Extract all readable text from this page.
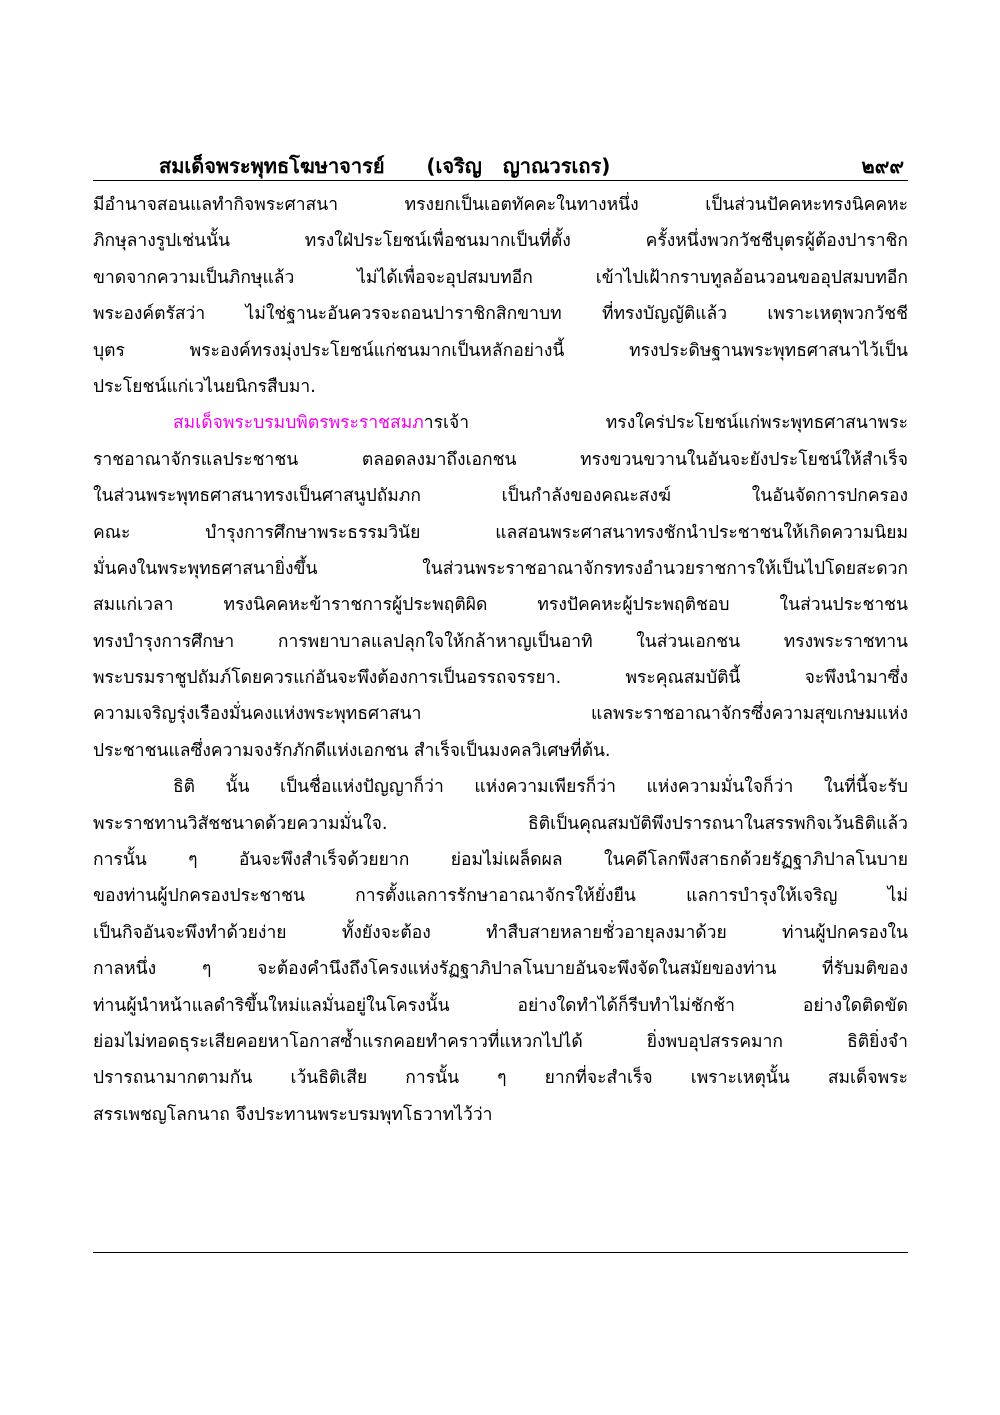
สมเด็จพระพุทธโฆษาจารย์      (เจริญ   ญาณวรเถร)	๒๙๙
มีอำนาจสอนแลทำกิจพระศาสนา ทรงยกเป็นเอตทัคคะในทางหนึ่ง เป็นส่วนปัคคหะทรงนิคคหะ
ภิกษุลางรูปเช่นนั้น ทรงใฝ่ประโยชน์เพื่อชนมากเป็นที่ตั้ง ครั้งหนึ่งพวกวัชชีบุตรผู้ต้องปาราชิก
ขาดจากความเป็นภิกษุแล้ว ไม่ได้เพื่อจะอุปสมบทอีก เข้าไปเฝ้ากราบทูลอ้อนวอนขออุปสมบทอีก
พระองค์ตรัสว่า ไม่ใช่ฐานะอันควรจะถอนปาราชิกสิกขาบท ที่ทรงบัญญัติแล้ว เพราะเหตุพวกวัชชี
บุตร พระองค์ทรงมุ่งประโยชน์แก่ชนมากเป็นหลักอย่างนี้ ทรงประดิษฐานพระพุทธศาสนาไว้เป็น
ประโยชน์แก่เวไนยนิกรสืบมา.
สมเด็จพระบรมบพิตรพระราชสมภารเจ้า ทรงใคร่ประโยชน์แก่พระพุทธศาสนาพระ
ราชอาณาจักรแลประชาชน ตลอดลงมาถึงเอกชน ทรงขวนขวานในอันจะยังประโยชน์ให้สำเร็จ
ในส่วนพระพุทธศาสนาทรงเป็นศาสนูปถัมภก เป็นกำลังของคณะสงฆ์ ในอันจัดการปกครอง
คณะ บำรุงการศึกษาพระธรรมวินัย แลสอนพระศาสนาทรงชักนำประชาชนให้เกิดความนิยม
มั่นคงในพระพุทธศาสนายิ่งขึ้น ในส่วนพระราชอาณาจักรทรงอำนวยราชการให้เป็นไปโดยสะดวก
สมแก่เวลา ทรงนิคคหะข้าราชการผู้ประพฤติผิด ทรงปัคคหะผู้ประพฤติชอบ ในส่วนประชาชน
ทรงบำรุงการศึกษา การพยาบาลแลปลุกใจให้กล้าหาญเป็นอาทิ ในส่วนเอกชน ทรงพระราชทาน
พระบรมราชูปถัมภ์โดยควรแก่อันจะพึงต้องการเป็นอรรถจรรยา. พระคุณสมบัตินี้ จะพึงนำมาซึ่ง
ความเจริญรุ่งเรืองมั่นคงแห่งพระพุทธศาสนา แลพระราชอาณาจักรซึ่งความสุขเกษมแห่ง
ประชาชนแลซึ่งความจงรักภักดีแห่งเอกชน สำเร็จเป็นมงคลวิเศษที่ต้น.
ธิติ นั้น เป็นชื่อแห่งปัญญาก็ว่า แห่งความเพียรก็ว่า แห่งความมั่นใจก็ว่า ในที่นี้จะรับ
พระราชทานวิสัชชนาดด้วยความมั่นใจ. ธิติเป็นคุณสมบัติพึงปรารถนาในสรรพกิจเว้นธิติแล้ว
การนั้น ๆ อันจะพึงสำเร็จด้วยยาก ย่อมไม่เผล็ดผล ในคดีโลกพึงสาธกด้วยรัฏฐาภิปาลโนบาย
ของท่านผู้ปกครองประชาชน การตั้งแลการรักษาอาณาจักรให้ยั่งยืน แลการบำรุงให้เจริญ ไม่
เป็นกิจอันจะพึงทำด้วยง่าย ทั้งยังจะต้อง ทำสืบสายหลายชั่วอายุลงมาด้วย ท่านผู้ปกครองใน
กาลหนึ่ง ๆ จะต้องคำนึงถึงโครงแห่งรัฏฐาภิปาลโนบายอันจะพึงจัดในสมัยของท่าน ที่รับมติของ
ท่านผู้นำหน้าแลดำริขึ้นใหม่แลมั่นอยู่ในโครงนั้น อย่างใดทำได้ก็รีบทำไม่ชักช้า อย่างใดติดขัด
ย่อมไม่ทอดธุระเสียคอยหาโอกาสซ้ำแรกคอยทำคราวที่แหวกไปได้ ยิ่งพบอุปสรรคมาก ธิติยิ่งจำ
ปรารถนามากตามกัน เว้นธิติเสีย การนั้น ๆ ยากที่จะสำเร็จ เพราะเหตุนั้น สมเด็จพระ
สรรเพชญโลกนาถ จึงประทานพระบรมพุทโธวาทไว้ว่า
